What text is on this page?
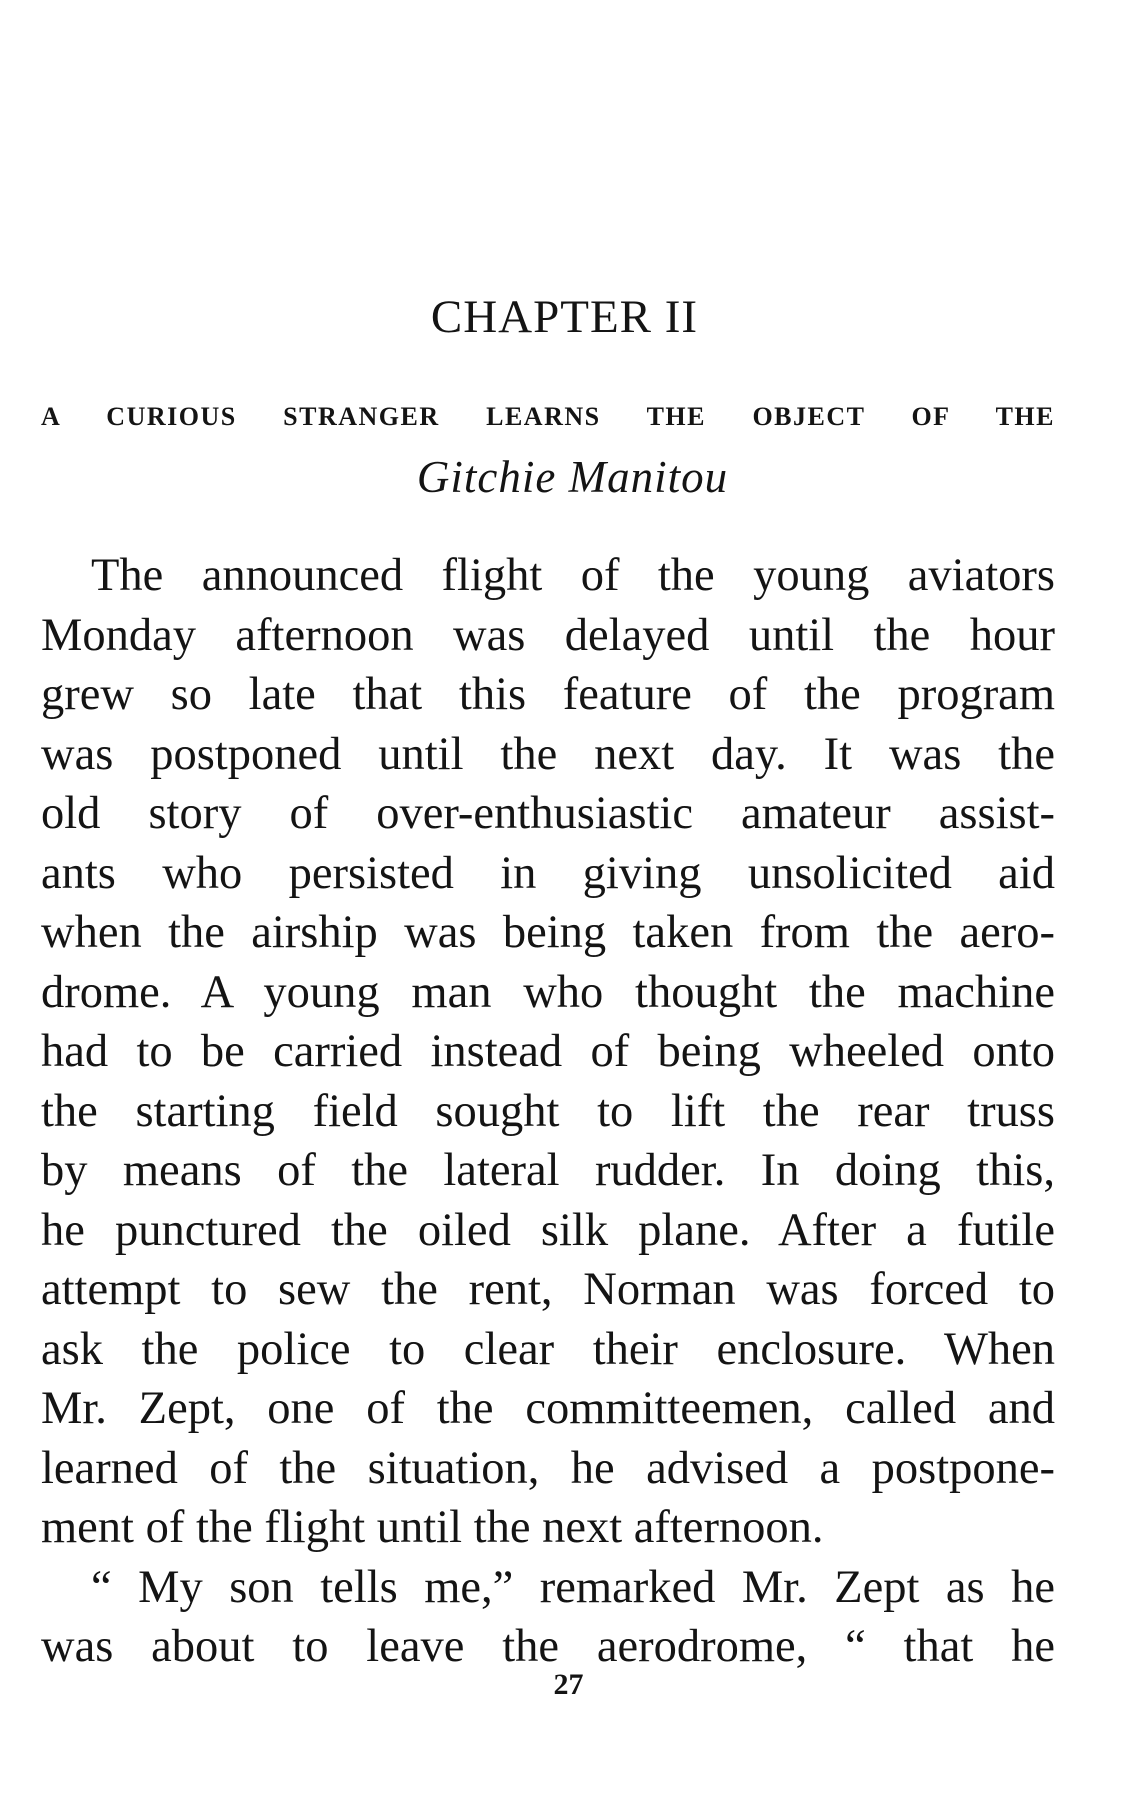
CHAPTER II
A CURIOUS STRANGER LEARNS THE OBJECT OF THE
Gitchie Manitou
The announced flight of the young aviators
Monday afternoon was delayed until the hour
grew so late that this feature of the program
was postponed until the next day. It was the
old story of over-enthusiastic amateur assist-
ants who persisted in giving unsolicited aid
when the airship was being taken from the aero-
drome. A young man who thought the machine
had to be carried instead of being wheeled onto
the starting field sought to lift the rear truss
by means of the lateral rudder. In doing this,
he punctured the oiled silk plane. After a futile
attempt to sew the rent, Norman was forced to
ask the police to clear their enclosure. When
Mr. Zept, one of the committeemen, called and
learned of the situation, he advised a postpone-
ment of the flight until the next afternoon.
“ My son tells me,” remarked Mr. Zept as he
was about to leave the aerodrome, “ that he
27
